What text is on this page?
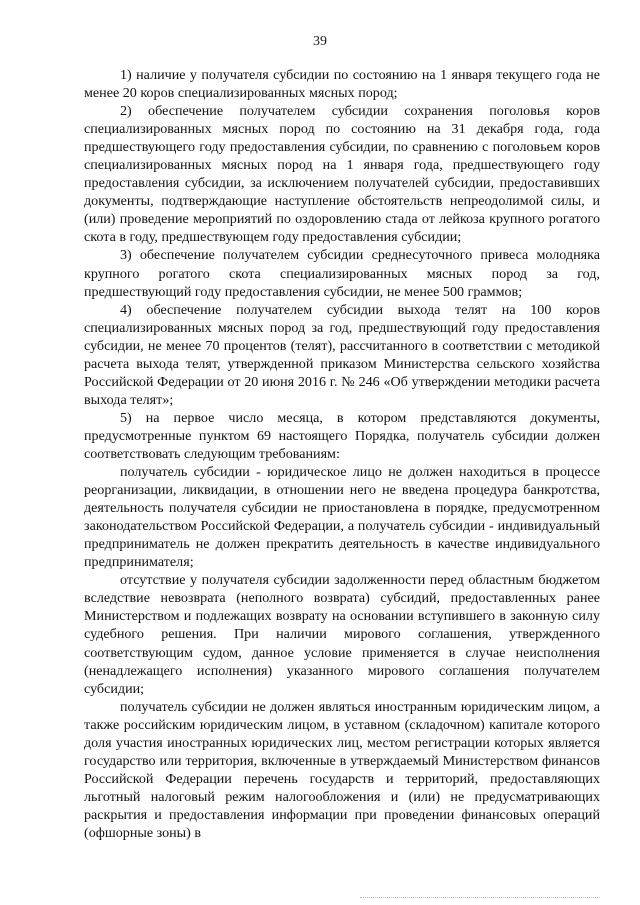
39

1) наличие у получателя субсидии по состоянию на 1 января текущего года не менее 20 коров специализированных мясных пород;

2) обеспечение получателем субсидии сохранения поголовья коров специализированных мясных пород по состоянию на 31 декабря года, года предшествующего году предоставления субсидии, по сравнению с поголовьем коров специализированных мясных пород на 1 января года, предшествующего году предоставления субсидии, за исключением получателей субсидии, предоставивших документы, подтверждающие наступление обстоятельств непреодолимой силы, и (или) проведение мероприятий по оздоровлению стада от лейкоза крупного рогатого скота в году, предшествующем году предоставления субсидии;

3) обеспечение получателем субсидии среднесуточного привеса молодняка крупного рогатого скота специализированных мясных пород за год, предшествующий году предоставления субсидии, не менее 500 граммов;

4) обеспечение получателем субсидии выхода телят на 100 коров специализированных мясных пород за год, предшествующий году предоставления субсидии, не менее 70 процентов (телят), рассчитанного в соответствии с методикой расчета выхода телят, утвержденной приказом Министерства сельского хозяйства Российской Федерации от 20 июня 2016 г. № 246 «Об утверждении методики расчета выхода телят»;

5) на первое число месяца, в котором представляются документы, предусмотренные пунктом 69 настоящего Порядка, получатель субсидии должен соответствовать следующим требованиям:

получатель субсидии - юридическое лицо не должен находиться в процессе реорганизации, ликвидации, в отношении него не введена процедура банкротства, деятельность получателя субсидии не приостановлена в порядке, предусмотренном законодательством Российской Федерации, а получатель субсидии - индивидуальный предприниматель не должен прекратить деятельность в качестве индивидуального предпринимателя;

отсутствие у получателя субсидии задолженности перед областным бюджетом вследствие невозврата (неполного возврата) субсидий, предоставленных ранее Министерством и подлежащих возврату на основании вступившего в законную силу судебного решения. При наличии мирового соглашения, утвержденного соответствующим судом, данное условие применяется в случае неисполнения (ненадлежащего исполнения) указанного мирового соглашения получателем субсидии;

получатель субсидии не должен являться иностранным юридическим лицом, а также российским юридическим лицом, в уставном (складочном) капитале которого доля участия иностранных юридических лиц, местом регистрации которых является государство или территория, включенные в утверждаемый Министерством финансов Российской Федерации перечень государств и территорий, предоставляющих льготный налоговый режим налогообложения и (или) не предусматривающих раскрытия и предоставления информации при проведении финансовых операций (офшорные зоны) в
